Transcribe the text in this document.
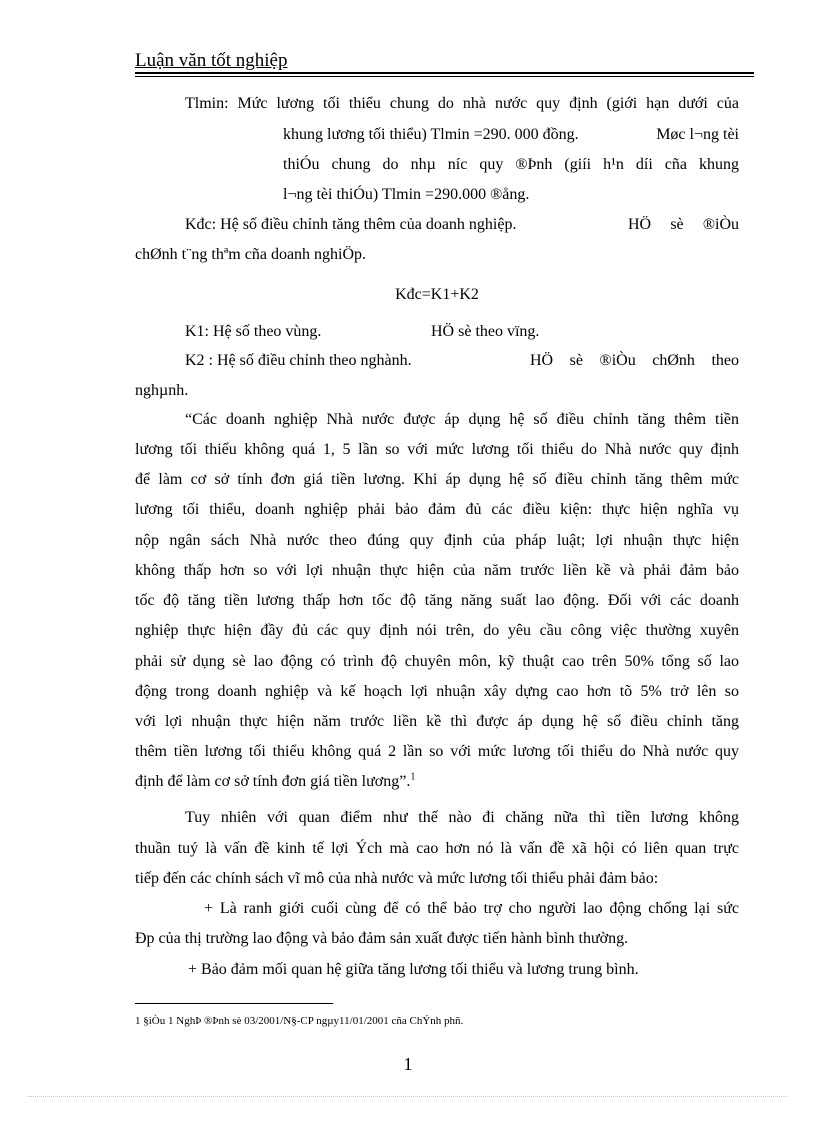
Luận văn tốt nghiệp
Tlmin: Mức lương tối thiểu chung do nhà nước quy định (giới hạn dưới của
khung lương tối thiểu) Tlmin =290. 000 đồng.	Møc l¬ng tèi
thiÓu chung do nhµ níc quy ®Þnh (giíi h¹n díi cña khung
l¬ng tèi thiÓu) Tlmin =290.000 ®ång.
Kđc: Hệ số điều chỉnh tăng thêm của doanh nghiệp.	HÖ sè ®iÒu
chØnh t¨ng thªm cña doanh nghiÖp.
Kđc=K1+K2
K1: Hệ số theo vùng.	HÖ sè theo vïng.
K2 : Hệ số điều chỉnh theo nghành.	HÖ sè ®iÒu chØnh theo
nghµnh.
“Các doanh nghiệp Nhà nước được áp dụng hệ số điều chỉnh tăng thêm tiền
lương tối thiểu không quá 1, 5 lần so với mức lương tối thiểu do Nhà nước quy định
để làm cơ sở tính đơn giá tiền lương. Khi áp dụng hệ số điều chỉnh tăng thêm mức
lương tối thiểu, doanh nghiệp phải bảo đảm đủ các điều kiện: thực hiện nghĩa vụ
nộp ngân sách Nhà nước theo đúng quy định của pháp luật; lợi nhuận thực hiện
không thấp hơn so với lợi nhuận thực hiện của năm trước liền kề và phải đảm bảo
tốc độ tăng tiền lương thấp hơn tốc độ tăng năng suất lao động. Đối với các doanh
nghiệp thực hiện đầy đủ các quy định nói trên, do yêu cầu công việc thường xuyên
phải sử dụng sè lao động có trình độ chuyên môn, kỹ thuật cao trên 50% tổng số lao
động trong doanh nghiệp và kế hoạch lợi nhuận xây dựng cao hơn tõ 5% trở lên so
với lợi nhuận thực hiện năm trước liền kề thì được áp dụng hệ số điều chỉnh tăng
thêm tiền lương tối thiểu không quá 2 lần so với mức lương tối thiểu do Nhà nước quy
định để làm cơ sở tính đơn giá tiền lương”.$^1$
Tuy nhiên với quan điểm như thế nào đi chăng nữa thì tiền lương không
thuần tuý là vấn đề kinh tế lợi Ých mà cao hơn nó là vấn đề xã hội có liên quan trực
tiếp đến các chính sách vĩ mô của nhà nước và mức lương tối thiểu phải đảm bảo:
+ Là ranh giới cuối cùng để có thể bảo trợ cho người lao động chống lại sức
Ðp của thị trường lao động và bảo đảm sản xuất được tiến hành bình thường.
+ Bảo đảm mối quan hệ giữa tăng lương tối thiểu và lương trung bình.
1 §iÒu 1 NghÞ ®Þnh sè 03/2001/N§-CP ngµy11/01/2001 cña ChÝnh phñ.
1
